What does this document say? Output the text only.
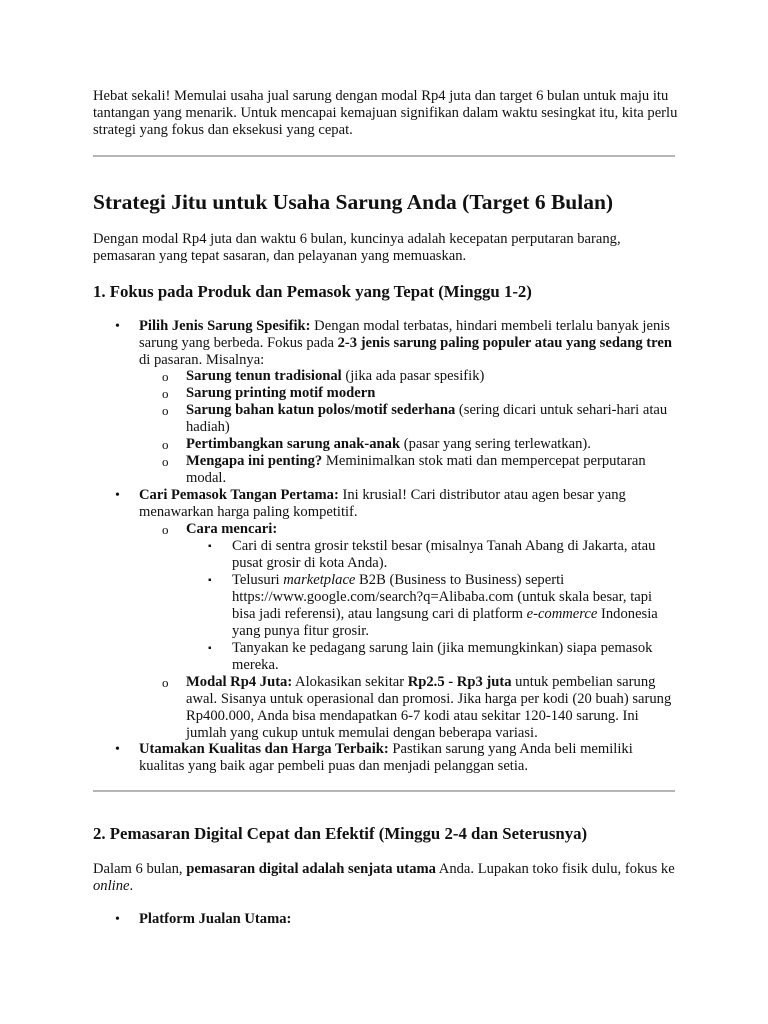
Hebat sekali! Memulai usaha jual sarung dengan modal Rp4 juta dan target 6 bulan untuk maju itu tantangan yang menarik. Untuk mencapai kemajuan signifikan dalam waktu sesingkat itu, kita perlu strategi yang fokus dan eksekusi yang cepat.
Strategi Jitu untuk Usaha Sarung Anda (Target 6 Bulan)
Dengan modal Rp4 juta dan waktu 6 bulan, kuncinya adalah kecepatan perputaran barang, pemasaran yang tepat sasaran, dan pelayanan yang memuaskan.
1. Fokus pada Produk dan Pemasok yang Tepat (Minggu 1-2)
• Pilih Jenis Sarung Spesifik: Dengan modal terbatas, hindari membeli terlalu banyak jenis sarung yang berbeda. Fokus pada 2-3 jenis sarung paling populer atau yang sedang tren di pasaran. Misalnya:
o Sarung tenun tradisional (jika ada pasar spesifik)
o Sarung printing motif modern
o Sarung bahan katun polos/motif sederhana (sering dicari untuk sehari-hari atau hadiah)
o Pertimbangkan sarung anak-anak (pasar yang sering terlewatkan).
o Mengapa ini penting? Meminimalkan stok mati dan mempercepat perputaran modal.
• Cari Pemasok Tangan Pertama: Ini krusial! Cari distributor atau agen besar yang menawarkan harga paling kompetitif.
o Cara mencari:
▪ Cari di sentra grosir tekstil besar (misalnya Tanah Abang di Jakarta, atau pusat grosir di kota Anda).
▪ Telusuri marketplace B2B (Business to Business) seperti https://www.google.com/search?q=Alibaba.com (untuk skala besar, tapi bisa jadi referensi), atau langsung cari di platform e-commerce Indonesia yang punya fitur grosir.
▪ Tanyakan ke pedagang sarung lain (jika memungkinkan) siapa pemasok mereka.
o Modal Rp4 Juta: Alokasikan sekitar Rp2.5 - Rp3 juta untuk pembelian sarung awal. Sisanya untuk operasional dan promosi. Jika harga per kodi (20 buah) sarung Rp400.000, Anda bisa mendapatkan 6-7 kodi atau sekitar 120-140 sarung. Ini jumlah yang cukup untuk memulai dengan beberapa variasi.
• Utamakan Kualitas dan Harga Terbaik: Pastikan sarung yang Anda beli memiliki kualitas yang baik agar pembeli puas dan menjadi pelanggan setia.
2. Pemasaran Digital Cepat dan Efektif (Minggu 2-4 dan Seterusnya)
Dalam 6 bulan, pemasaran digital adalah senjata utama Anda. Lupakan toko fisik dulu, fokus ke online.
• Platform Jualan Utama:
